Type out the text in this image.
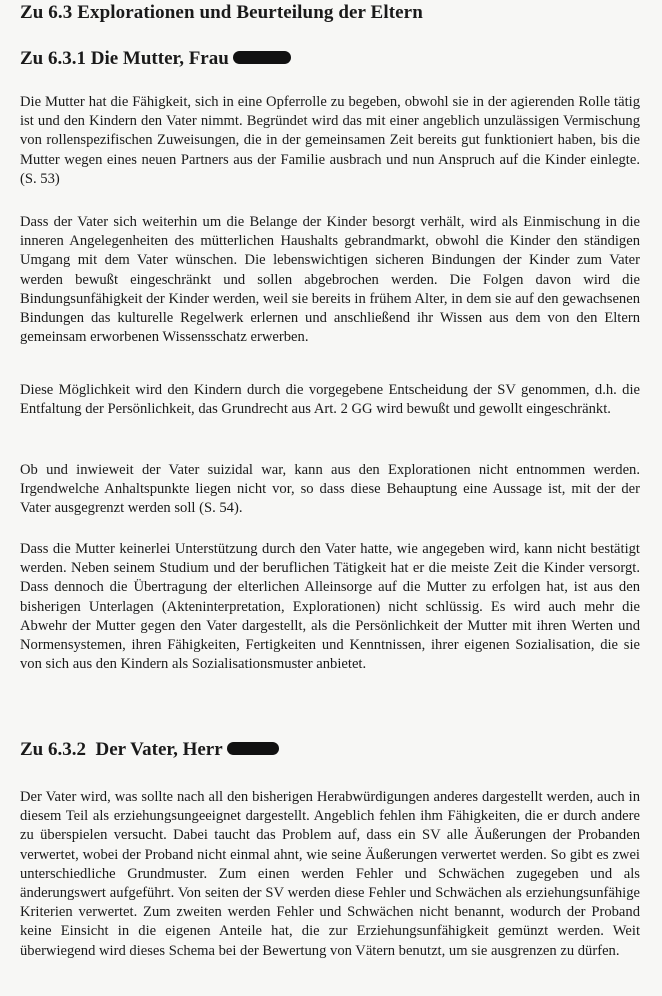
Zu 6.3 Explorationen und Beurteilung der Eltern
Zu 6.3.1 Die Mutter, Frau

Die Mutter hat die Fähigkeit, sich in eine Opferrolle zu begeben, obwohl sie in der agierenden Rolle tätig ist und den Kindern den Vater nimmt. Begründet wird das mit einer angeblich unzulässigen Vermischung von rollenspezifischen Zuweisungen, die in der gemeinsamen Zeit bereits gut funktioniert haben, bis die Mutter wegen eines neuen Partners aus der Familie ausbrach und nun Anspruch auf die Kinder einlegte. (S. 53)

Dass der Vater sich weiterhin um die Belange der Kinder besorgt verhält, wird als Einmischung in die inneren Angelegenheiten des mütterlichen Haushalts gebrandmarkt, obwohl die Kinder den ständigen Umgang mit dem Vater wünschen. Die lebenswichtigen sicheren Bindungen der Kinder zum Vater werden bewußt eingeschränkt und sollen abgebrochen werden. Die Folgen davon wird die Bindungsunfähigkeit der Kinder werden, weil sie bereits in frühem Alter, in dem sie auf den gewachsenen Bindungen das kulturelle Regelwerk erlernen und anschließend ihr Wissen aus dem von den Eltern gemeinsam erworbenen Wissensschatz erwerben.

Diese Möglichkeit wird den Kindern durch die vorgegebene Entscheidung der SV genommen, d.h. die Entfaltung der Persönlichkeit, das Grundrecht aus Art. 2 GG wird bewußt und gewollt eingeschränkt.

Ob und inwieweit der Vater suizidal war, kann aus den Explorationen nicht entnommen werden. Irgendwelche Anhaltspunkte liegen nicht vor, so dass diese Behauptung eine Aussage ist, mit der der Vater ausgegrenzt werden soll (S. 54).

Dass die Mutter keinerlei Unterstützung durch den Vater hatte, wie angegeben wird, kann nicht bestätigt werden. Neben seinem Studium und der beruflichen Tätigkeit hat er die meiste Zeit die Kinder versorgt. Dass dennoch die Übertragung der elterlichen Alleinsorge auf die Mutter zu erfolgen hat, ist aus den bisherigen Unterlagen (Akteninterpretation, Explorationen) nicht schlüssig. Es wird auch mehr die Abwehr der Mutter gegen den Vater dargestellt, als die Persönlichkeit der Mutter mit ihren Werten und Normensystemen, ihren Fähigkeiten, Fertigkeiten und Kenntnissen, ihrer eigenen Sozialisation, die sie von sich aus den Kindern als Sozialisationsmuster anbietet.

Zu 6.3.2  Der Vater, Herr

Der Vater wird, was sollte nach all den bisherigen Herabwürdigungen anderes dargestellt werden, auch in diesem Teil als erziehungsungeeignet dargestellt. Angeblich fehlen ihm Fähigkeiten, die er durch andere zu überspielen versucht. Dabei taucht das Problem auf, dass ein SV alle Äußerungen der Probanden verwertet, wobei der Proband nicht einmal ahnt, wie seine Äußerungen verwertet werden. So gibt es zwei unterschiedliche Grundmuster. Zum einen werden Fehler und Schwächen zugegeben und als änderungswert aufgeführt. Von seiten der SV werden diese Fehler und Schwächen als erziehungsunfähige Kriterien verwertet. Zum zweiten werden Fehler und Schwächen nicht benannt, wodurch der Proband keine Einsicht in die eigenen Anteile hat, die zur Erziehungsunfähigkeit gemünzt werden. Weit überwiegend wird dieses Schema bei der Bewertung von Vätern benutzt, um sie ausgrenzen zu dürfen.
